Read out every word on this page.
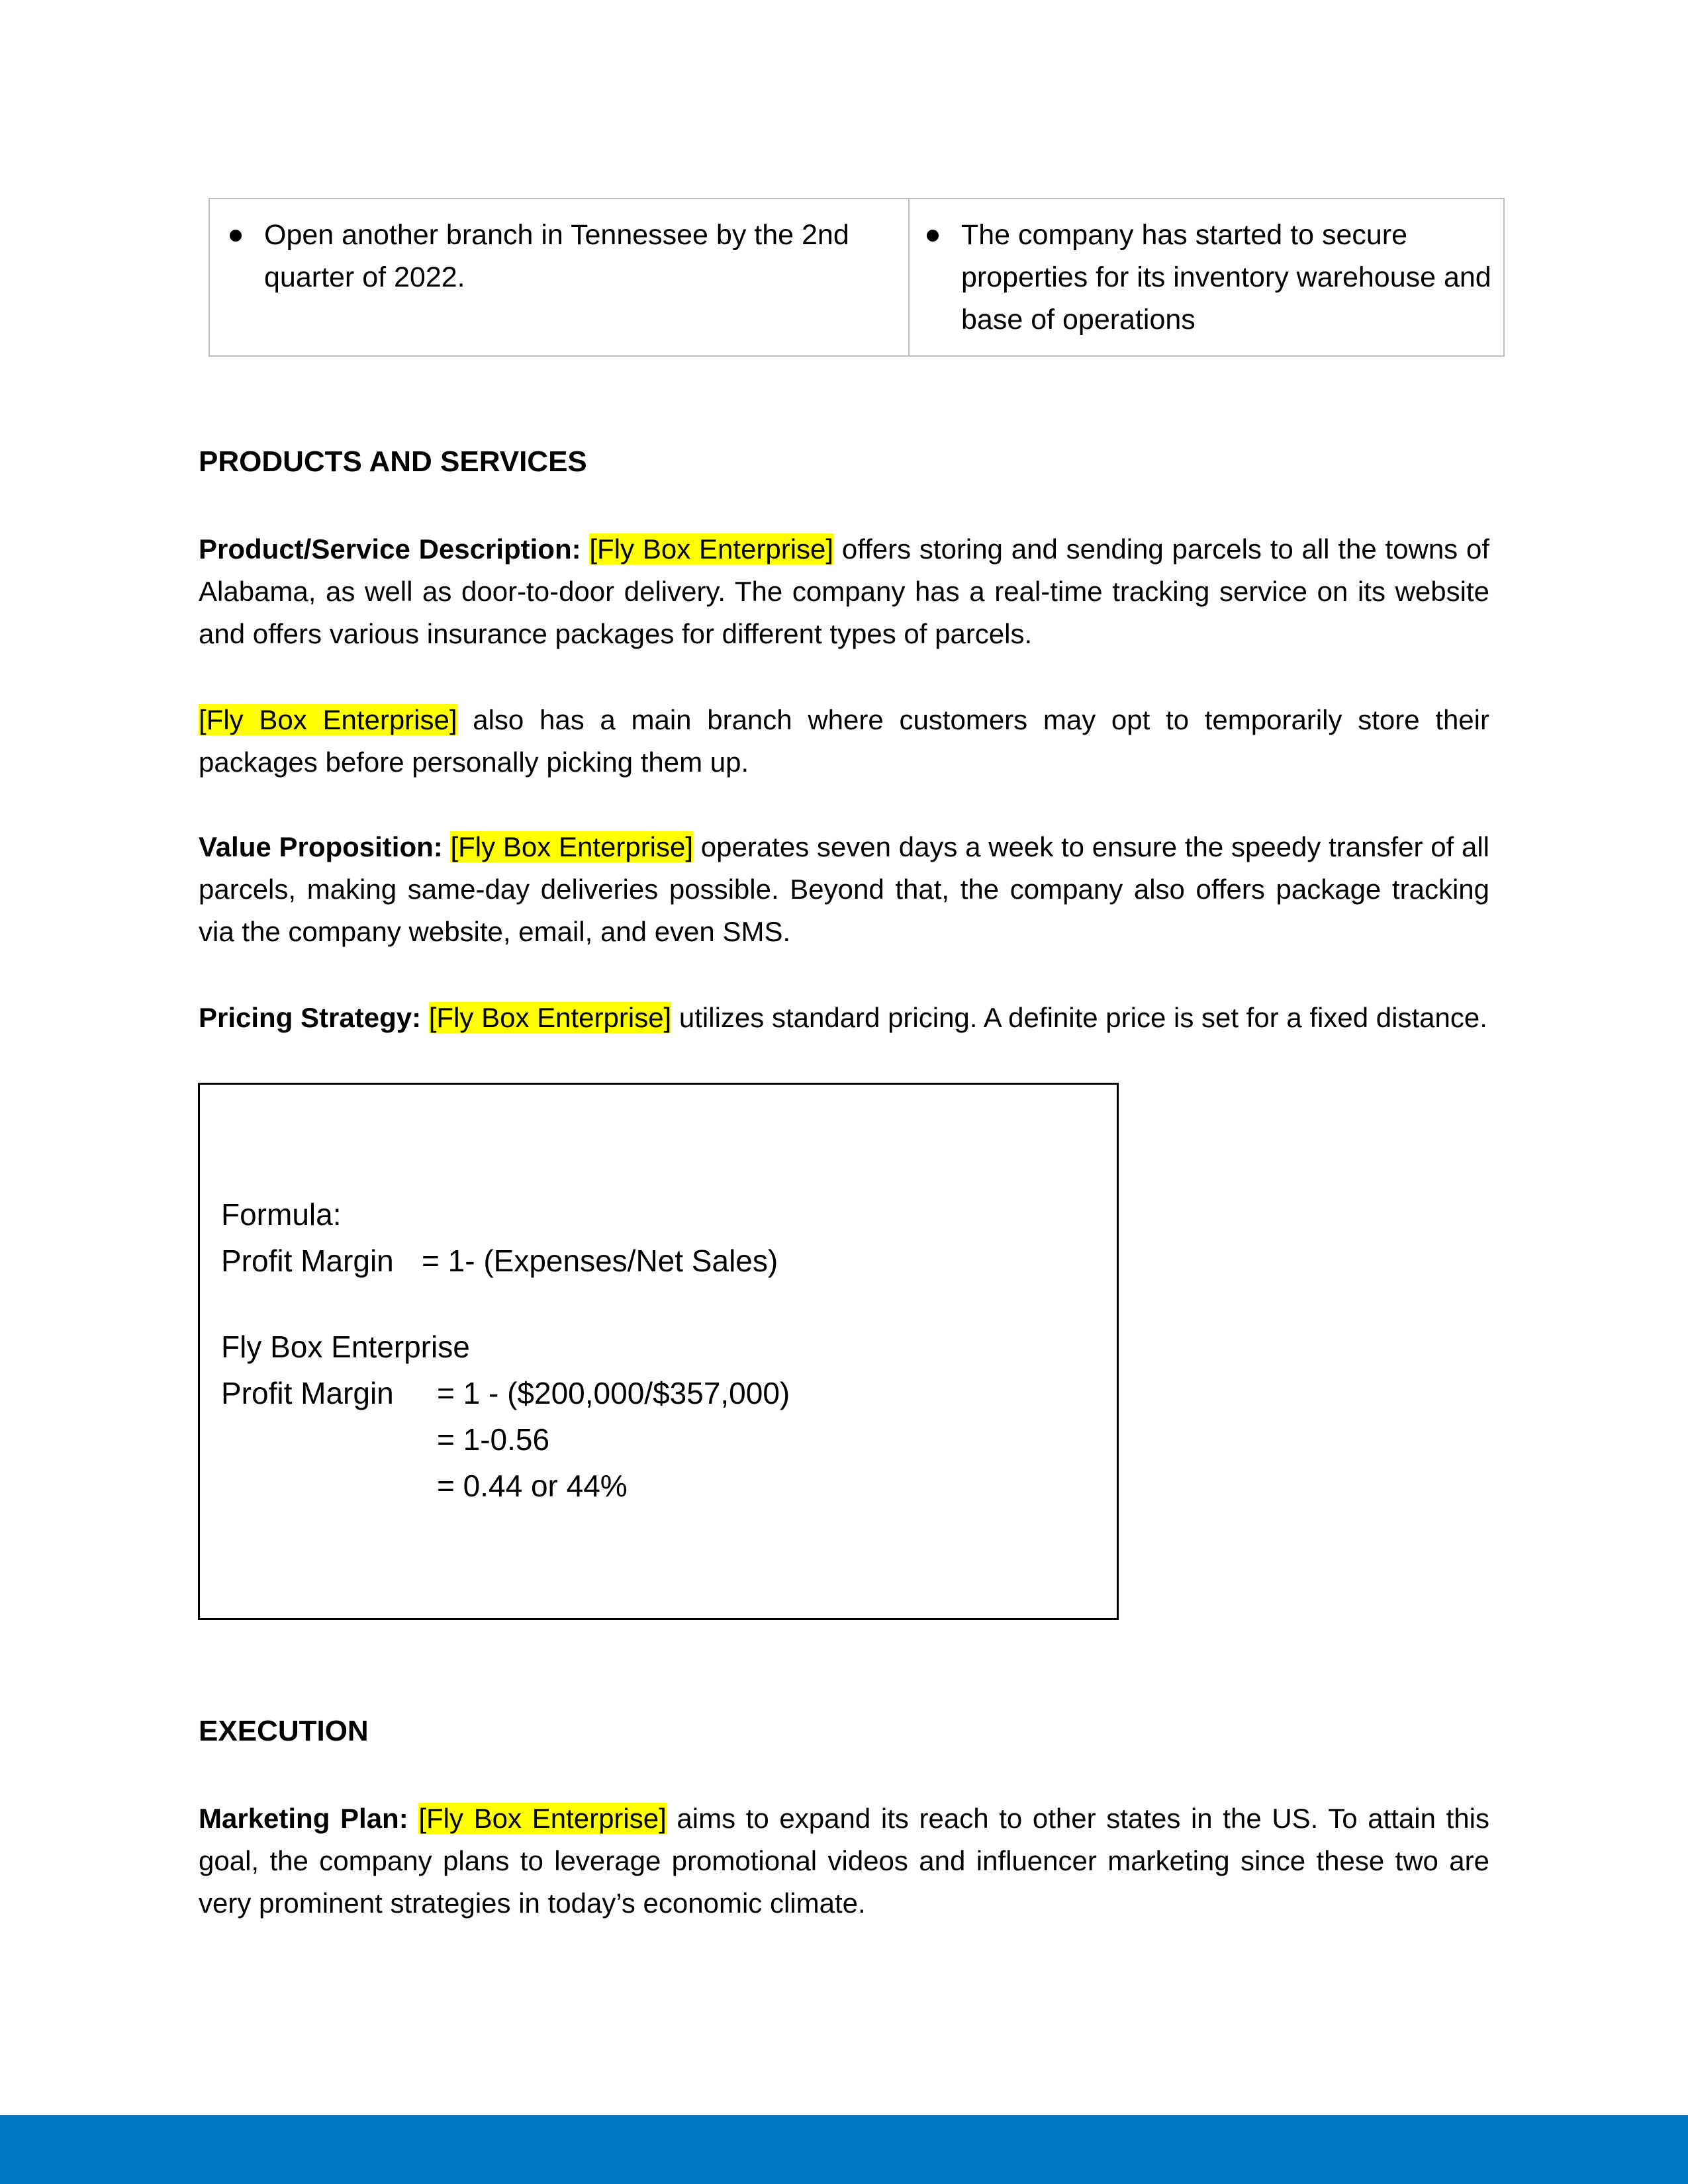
Open another branch in Tennessee by the 2nd quarter of 2022.
The company has started to secure properties for its inventory warehouse and base of operations
PRODUCTS AND SERVICES

Product/Service Description: [Fly Box Enterprise] offers storing and sending parcels to all the towns of Alabama, as well as door-to-door delivery. The company has a real-time tracking service on its website and offers various insurance packages for different types of parcels.

[Fly Box Enterprise] also has a main branch where customers may opt to temporarily store their packages before personally picking them up.

Value Proposition: [Fly Box Enterprise] operates seven days a week to ensure the speedy transfer of all parcels, making same-day deliveries possible. Beyond that, the company also offers package tracking via the company website, email, and even SMS.

Pricing Strategy: [Fly Box Enterprise] utilizes standard pricing. A definite price is set for a fixed distance.

Formula:
Profit Margin = 1- (Expenses/Net Sales)
Fly Box Enterprise
Profit Margin = 1 - ($200,000/$357,000)
= 1-0.56
= 0.44 or 44%
EXECUTION

Marketing Plan: [Fly Box Enterprise] aims to expand its reach to other states in the US. To attain this goal, the company plans to leverage promotional videos and influencer marketing since these two are very prominent strategies in today’s economic climate.
